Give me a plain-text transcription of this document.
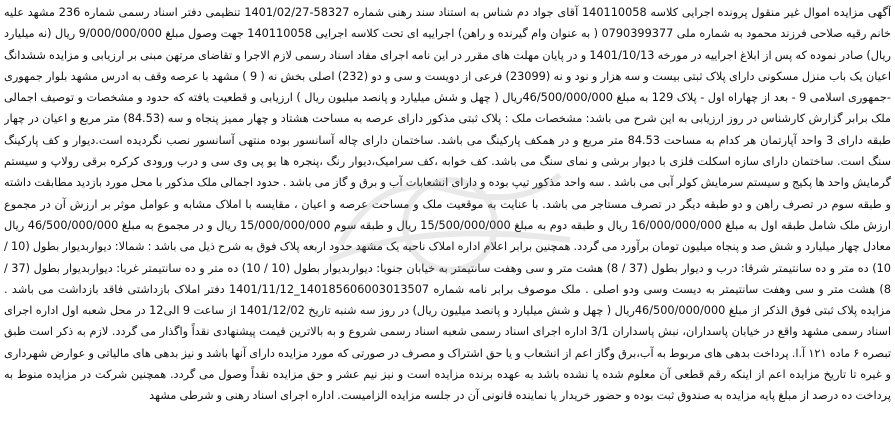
آگهی مزایده اموال غیر منقول پرونده اجرایی کلاسه 140110058 آقای جواد دم شناس به استناد سند رهنی شماره 58327-1401/02/27 تنظیمی دفتر اسناد رسمی شماره 236 مشهد علیه خانم رقیه صلاحی فرزند محمود به شماره ملی 0790399377 ( به عنوان وام گیرنده و راهن) اجراییه ای تحت کلاسه اجرایی 140110058 جهت وصول مبلغ 9/000/000/000 ریال (نه میلیارد ریال) صادر نموده که پس از ابلاغ اجراییه در مورخه 1401/10/13 و در پایان مهلت های مقرر در این نامه اجرای مفاد اسناد رسمی لازم الاجرا و تقاضای مرتهن مبنی بر ارزیابی و مزایده ششدانگ اعیان یک باب منزل مسکونی دارای پلاک ثبتی بیست و سه هزار و نود و نه (23099) فرعی از دویست و سی و دو (232) اصلی بخش نه ( 9 ) مشهد با عرصه وقف به ادرس مشهد بلوار جمهوری -جمهوری اسلامی 9 - بعد از چهاراه اول - پلاک 129 به مبلغ 46/500/000/000ریال ( چهل و شش میلیارد و پانصد میلیون ریال ) ارزیابی و قطعیت یافته که حدود و مشخصات و توصیف اجمالی ملک برابر گزارش کارشناس در روز ارزیابی به این شرح می باشد: مشخصات ملک : پلاک ثبتی مذکور دارای عرصه به مساحت هشتاد و چهار ممیز پنجاه و سه (84.53) متر مربع و اعیان در چهار طبقه دارای 3 واحد آپارتمان هر کدام به مساحت 84.53 متر مربع و در همکف پارکینگ می باشد. ساختمان دارای چاله آسانسور بوده منتهی آسانسور نصب نگردیده است.دیوار و کف پارکینگ سنگ است. ساختمان دارای سازه اسکلت فلزی با دیوار برشی و نمای سنگ می باشد. کف خوابه ،کف سرامیک،دیوار رنگ ،پنجره ها یو پی وی سی و درب ورودی کرکره برقی رولاپ و سیستم گرمایش واحد ها پکیج و سیستم سرمایش کولر آبی می باشد . سه واحد مذکور تیپ بوده و دارای انشعابات آب و برق و گاز می باشد . حدود اجمالی ملک مذکور با محل مورد بازدید مطابقت داشته و طبقه سوم در تصرف راهن و دو طبقه دیگر در تصرف مستاجر می باشد. با عنایت به موقعیت ملک و مساحت عرصه و اعیان ، مقایسه با املاک مشابه و عوامل موثر بر ارزش آن در مجموع ارزش ملک شامل طبقه اول به مبلغ 16/000/000/000 ریال و طبقه دوم به مبلغ 15/500/000/000 ریال و طبقه سوم 15/000/000/000 ریال و در مجموع به مبلغ 46/500/000/000 ریال معادل چهار میلیارد و شش صد و پنجاه میلیون تومان برآورد می گردد. همچنین برابر اعلام اداره املاک ناحیه یک مشهد حدود اربعه پلاک فوق به شرح ذیل می باشد : شمالا: دیواربدیوار بطول (10 / 10) ده متر و ده سانتیمتر شرقا: درب و دیوار بطول (37 / 8) هشت متر و سی وهفت سانتیمتر به خیابان جنوبا: دیواربدیوار بطول (10 / 10) ده متر و ده سانتیمتر غربا: دیواربدیوار بطول (37 / 8) هشت متر و سی وهفت سانتیمتر به دیست وسی ودو اصلی . ملک موصوف برابر نامه شماره 140185606003013507_1401/11/12 دفتر املاک بازداشتی فاقد بازداشت می باشد . مزایده پلاک ثبتی فوق الذکر از مبلغ 46/500/000/000ریال ( چهل و شش میلیارد و پانصد میلیون ریال) در روز سه شنبه تاریخ 1401/12/02 از ساعت 9 الی12 در محل شعبه اول اداره اجرای اسناد رسمی مشهد واقع در خیابان پاسداران، نبش پاسداران 3/1 اداره اجرای اسناد رسمی شعبه اسناد رسمی شروع و به بالاترین قیمت پیشنهادی نقداً واگذار می گردد. لازم به ذکر است طبق تبصره ۶ ماده ۱۲۱ آ.ا. پرداخت بدهی های مربوط به آب،برق وگاز اعم از انشعاب و یا حق اشتراک و مصرف در صورتی که مورد مزایده دارای آنها باشد و نیز بدهی های مالیاتی و عوارض شهرداری و غیره تا تاریخ مزایده اعم از اینکه رقم قطعی آن معلوم شده یا نشده باشد به عهده برنده مزایده است و نیز نیم عشر و حق مزایده نقداً وصول می گردد. همچنین شرکت در مزایده منوط به پرداخت ده درصد از مبلغ پایه مزایده به صندوق ثبت بوده و حضور خریدار یا نماینده قانونی آن در جلسه مزایده الزامیست. اداره اجرای اسناد رهنی و شرطی مشهد
